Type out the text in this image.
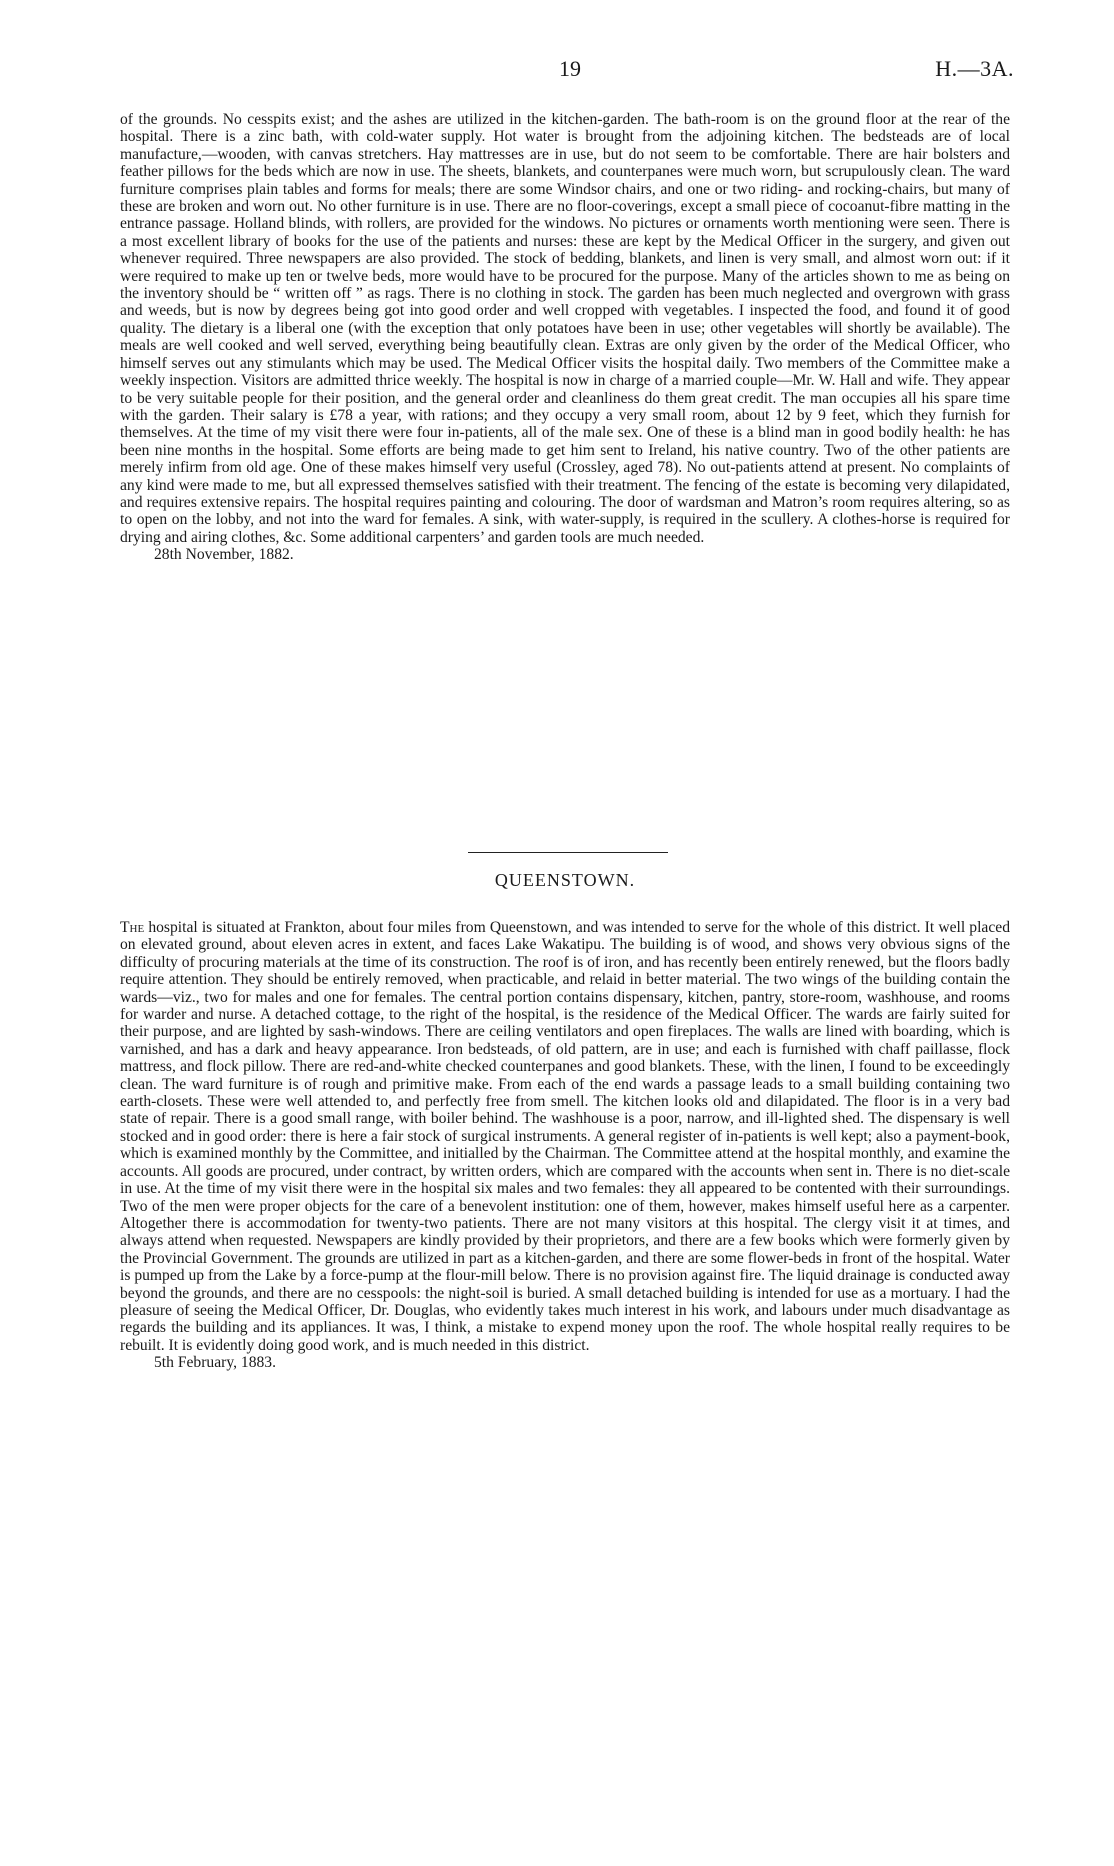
19	H.—3A.

of the grounds. No cesspits exist; and the ashes are utilized in the kitchen-garden. The bath-room is on the ground floor at the rear of the hospital. There is a zinc bath, with cold-water supply. Hot water is brought from the adjoining kitchen. The bedsteads are of local manufacture,—wooden, with canvas stretchers. Hay mattresses are in use, but do not seem to be comfortable. There are hair bolsters and feather pillows for the beds which are now in use. The sheets, blankets, and counterpanes were much worn, but scrupulously clean. The ward furniture comprises plain tables and forms for meals; there are some Windsor chairs, and one or two riding- and rocking-chairs, but many of these are broken and worn out. No other furniture is in use. There are no floor-coverings, except a small piece of cocoanut-fibre matting in the entrance passage. Holland blinds, with rollers, are provided for the windows. No pictures or ornaments worth mentioning were seen. There is a most excellent library of books for the use of the patients and nurses: these are kept by the Medical Officer in the surgery, and given out whenever required. Three newspapers are also provided. The stock of bedding, blankets, and linen is very small, and almost worn out: if it were required to make up ten or twelve beds, more would have to be procured for the purpose. Many of the articles shown to me as being on the inventory should be “ written off ” as rags. There is no clothing in stock. The garden has been much neglected and overgrown with grass and weeds, but is now by degrees being got into good order and well cropped with vegetables. I inspected the food, and found it of good quality. The dietary is a liberal one (with the exception that only potatoes have been in use; other vegetables will shortly be available). The meals are well cooked and well served, everything being beautifully clean. Extras are only given by the order of the Medical Officer, who himself serves out any stimulants which may be used. The Medical Officer visits the hospital daily. Two members of the Committee make a weekly inspection. Visitors are admitted thrice weekly. The hospital is now in charge of a married couple—Mr. W. Hall and wife. They appear to be very suitable people for their position, and the general order and cleanliness do them great credit. The man occupies all his spare time with the garden. Their salary is £78 a year, with rations; and they occupy a very small room, about 12 by 9 feet, which they furnish for themselves. At the time of my visit there were four in-patients, all of the male sex. One of these is a blind man in good bodily health: he has been nine months in the hospital. Some efforts are being made to get him sent to Ireland, his native country. Two of the other patients are merely infirm from old age. One of these makes himself very useful (Crossley, aged 78). No out-patients attend at present. No complaints of any kind were made to me, but all expressed themselves satisfied with their treatment. The fencing of the estate is becoming very dilapidated, and requires extensive repairs. The hospital requires painting and colouring. The door of wardsman and Matron’s room requires altering, so as to open on the lobby, and not into the ward for females. A sink, with water-supply, is required in the scullery. A clothes-horse is required for drying and airing clothes, &c. Some additional carpenters’ and garden tools are much needed.

28th November, 1882.

QUEENSTOWN.

The hospital is situated at Frankton, about four miles from Queenstown, and was intended to serve for the whole of this district. It well placed on elevated ground, about eleven acres in extent, and faces Lake Wakatipu. The building is of wood, and shows very obvious signs of the difficulty of procuring materials at the time of its construction. The roof is of iron, and has recently been entirely renewed, but the floors badly require attention. They should be entirely removed, when practicable, and relaid in better material. The two wings of the building contain the wards—viz., two for males and one for females. The central portion contains dispensary, kitchen, pantry, store-room, washhouse, and rooms for warder and nurse. A detached cottage, to the right of the hospital, is the residence of the Medical Officer. The wards are fairly suited for their purpose, and are lighted by sash-windows. There are ceiling ventilators and open fireplaces. The walls are lined with boarding, which is varnished, and has a dark and heavy appearance. Iron bedsteads, of old pattern, are in use; and each is furnished with chaff paillasse, flock mattress, and flock pillow. There are red-and-white checked counterpanes and good blankets. These, with the linen, I found to be exceedingly clean. The ward furniture is of rough and primitive make. From each of the end wards a passage leads to a small building containing two earth-closets. These were well attended to, and perfectly free from smell. The kitchen looks old and dilapidated. The floor is in a very bad state of repair. There is a good small range, with boiler behind. The washhouse is a poor, narrow, and ill-lighted shed. The dispensary is well stocked and in good order: there is here a fair stock of surgical instruments. A general register of in-patients is well kept; also a payment-book, which is examined monthly by the Committee, and initialled by the Chairman. The Committee attend at the hospital monthly, and examine the accounts. All goods are procured, under contract, by written orders, which are compared with the accounts when sent in. There is no diet-scale in use. At the time of my visit there were in the hospital six males and two females: they all appeared to be contented with their surroundings. Two of the men were proper objects for the care of a benevolent institution: one of them, however, makes himself useful here as a carpenter. Altogether there is accommodation for twenty-two patients. There are not many visitors at this hospital. The clergy visit it at times, and always attend when requested. Newspapers are kindly provided by their proprietors, and there are a few books which were formerly given by the Provincial Government. The grounds are utilized in part as a kitchen-garden, and there are some flower-beds in front of the hospital. Water is pumped up from the Lake by a force-pump at the flour-mill below. There is no provision against fire. The liquid drainage is conducted away beyond the grounds, and there are no cesspools: the night-soil is buried. A small detached building is intended for use as a mortuary. I had the pleasure of seeing the Medical Officer, Dr. Douglas, who evidently takes much interest in his work, and labours under much disadvantage as regards the building and its appliances. It was, I think, a mistake to expend money upon the roof. The whole hospital really requires to be rebuilt. It is evidently doing good work, and is much needed in this district.

5th February, 1883.
